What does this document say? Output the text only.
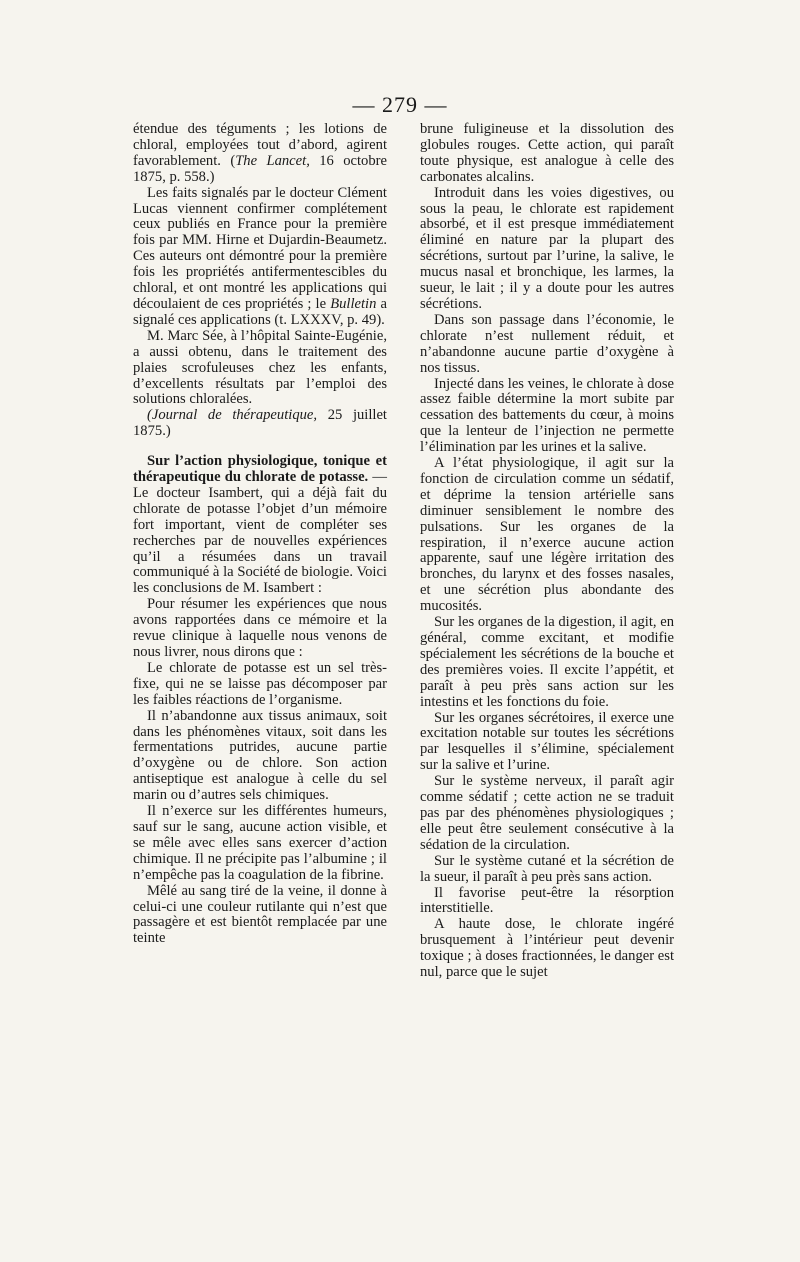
— 279 —

étendue des téguments ; les lotions de chloral, employées tout d’abord, agirent favorablement. (The Lancet, 16 octobre 1875, p. 558.)

Les faits signalés par le docteur Clément Lucas viennent confirmer complétement ceux publiés en France pour la première fois par MM. Hirne et Dujardin-Beaumetz. Ces auteurs ont démontré pour la première fois les propriétés antifermentescibles du chloral, et ont montré les applications qui découlaient de ces propriétés ; le Bulletin a signalé ces applications (t. LXXXV, p. 49).

M. Marc Sée, à l’hôpital Sainte-Eugénie, a aussi obtenu, dans le traitement des plaies scrofuleuses chez les enfants, d’excellents résultats par l’emploi des solutions chloralées.

(Journal de thérapeutique, 25 juillet 1875.)

Sur l’action physiologique, tonique et thérapeutique du chlorate de potasse. — Le docteur Isambert, qui a déjà fait du chlorate de potasse l’objet d’un mémoire fort important, vient de compléter ses recherches par de nouvelles expériences qu’il a résumées dans un travail communiqué à la Société de biologie. Voici les conclusions de M. Isambert :

Pour résumer les expériences que nous avons rapportées dans ce mémoire et la revue clinique à laquelle nous venons de nous livrer, nous dirons que :

Le chlorate de potasse est un sel très-fixe, qui ne se laisse pas décomposer par les faibles réactions de l’organisme.

Il n’abandonne aux tissus animaux, soit dans les phénomènes vitaux, soit dans les fermentations putrides, aucune partie d’oxygène ou de chlore. Son action antiseptique est analogue à celle du sel marin ou d’autres sels chimiques.

Il n’exerce sur les différentes humeurs, sauf sur le sang, aucune action visible, et se mêle avec elles sans exercer d’action chimique. Il ne précipite pas l’albumine ; il n’empêche pas la coagulation de la fibrine.

Mêlé au sang tiré de la veine, il donne à celui-ci une couleur rutilante qui n’est que passagère et est bientôt remplacée par une teinte

brune fuligineuse et la dissolution des globules rouges. Cette action, qui paraît toute physique, est analogue à celle des carbonates alcalins.

Introduit dans les voies digestives, ou sous la peau, le chlorate est rapidement absorbé, et il est presque immédiatement éliminé en nature par la plupart des sécrétions, surtout par l’urine, la salive, le mucus nasal et bronchique, les larmes, la sueur, le lait ; il y a doute pour les autres sécrétions.

Dans son passage dans l’économie, le chlorate n’est nullement réduit, et n’abandonne aucune partie d’oxygène à nos tissus.

Injecté dans les veines, le chlorate à dose assez faible détermine la mort subite par cessation des battements du cœur, à moins que la lenteur de l’injection ne permette l’élimination par les urines et la salive.

A l’état physiologique, il agit sur la fonction de circulation comme un sédatif, et déprime la tension artérielle sans diminuer sensiblement le nombre des pulsations. Sur les organes de la respiration, il n’exerce aucune action apparente, sauf une légère irritation des bronches, du larynx et des fosses nasales, et une sécrétion plus abondante des mucosités.

Sur les organes de la digestion, il agit, en général, comme excitant, et modifie spécialement les sécrétions de la bouche et des premières voies. Il excite l’appétit, et paraît à peu près sans action sur les intestins et les fonctions du foie.

Sur les organes sécrétoires, il exerce une excitation notable sur toutes les sécrétions par lesquelles il s’élimine, spécialement sur la salive et l’urine.

Sur le système nerveux, il paraît agir comme sédatif ; cette action ne se traduit pas par des phénomènes physiologiques ; elle peut être seulement consécutive à la sédation de la circulation.

Sur le système cutané et la sécrétion de la sueur, il paraît à peu près sans action.

Il favorise peut-être la résorption interstitielle.

A haute dose, le chlorate ingéré brusquement à l’intérieur peut devenir toxique ; à doses fractionnées, le danger est nul, parce que le sujet
